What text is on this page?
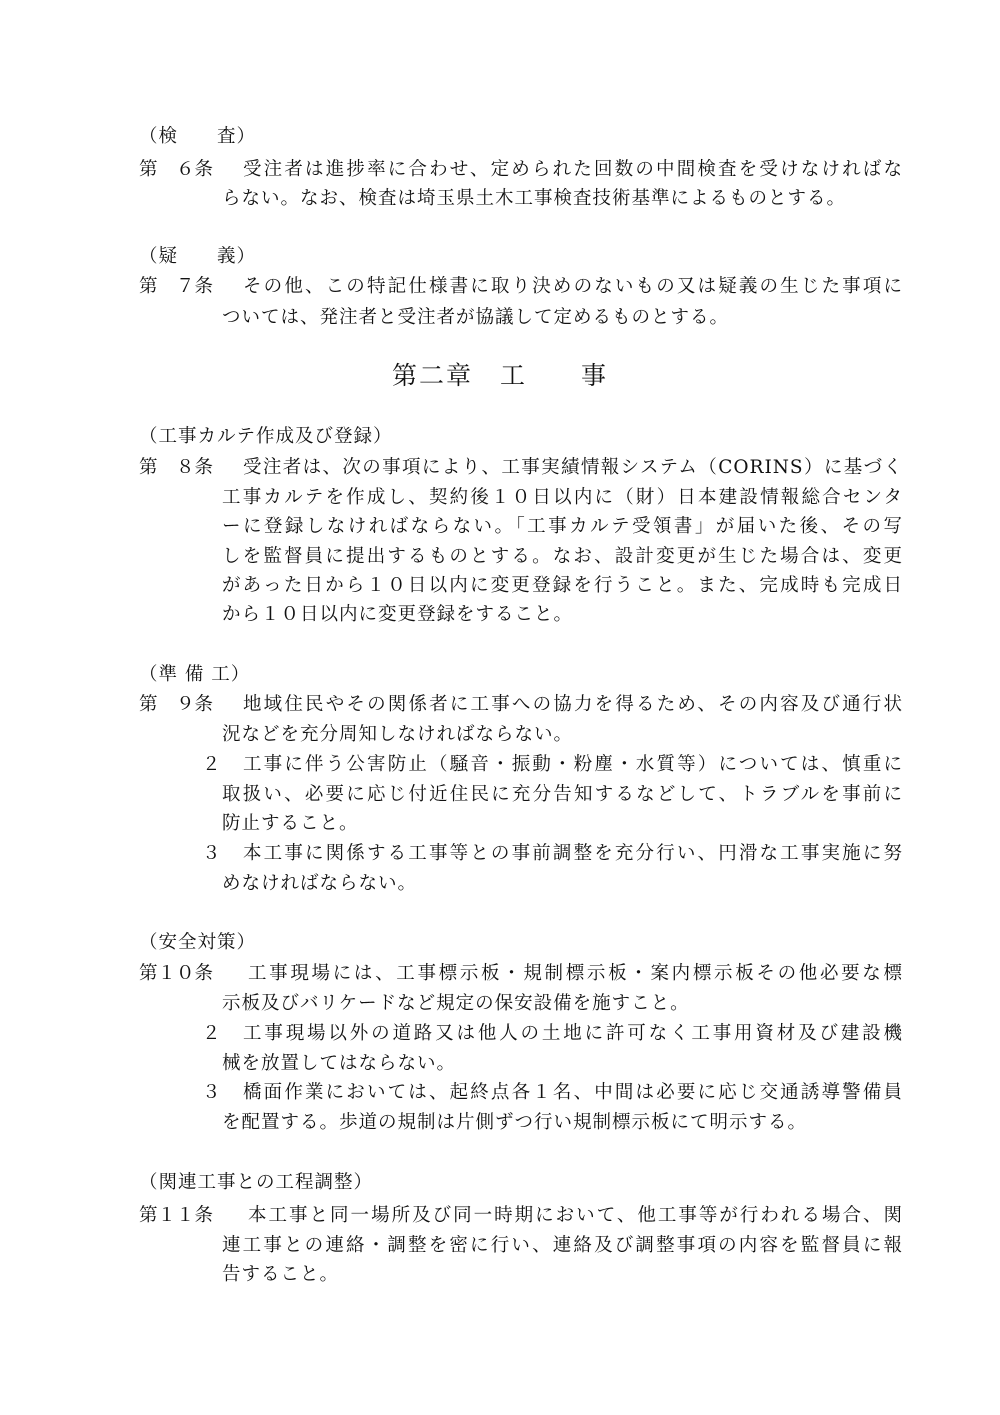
（検　　査）
第　６条 受注者は進捗率に合わせ、定められた回数の中間検査を受けなければな
らない。なお、検査は埼玉県土木工事検査技術基準によるものとする。
（疑　　義）
第　７条 その他、この特記仕様書に取り決めのないもの又は疑義の生じた事項に
ついては、発注者と受注者が協議して定めるものとする。
第二章　工　　事
（工事カルテ作成及び登録）
第　８条 受注者は、次の事項により、工事実績情報システム（CORINS）に基づく
工事カルテを作成し、契約後１０日以内に（財）日本建設情報総合センタ
ーに登録しなければならない。「工事カルテ受領書」が届いた後、その写
しを監督員に提出するものとする。なお、設計変更が生じた場合は、変更
があった日から１０日以内に変更登録を行うこと。また、完成時も完成日
から１０日以内に変更登録をすること。
（準 備 工）
第　９条 地域住民やその関係者に工事への協力を得るため、その内容及び通行状
況などを充分周知しなければならない。
２ 工事に伴う公害防止（騒音・振動・粉塵・水質等）については、慎重に
取扱い、必要に応じ付近住民に充分告知するなどして、トラブルを事前に
防止すること。
３ 本工事に関係する工事等との事前調整を充分行い、円滑な工事実施に努
めなければならない。
（安全対策）
第１０条 工事現場には、工事標示板・規制標示板・案内標示板その他必要な標
示板及びバリケードなど規定の保安設備を施すこと。
２ 工事現場以外の道路又は他人の土地に許可なく工事用資材及び建設機
械を放置してはならない。
３ 橋面作業においては、起終点各１名、中間は必要に応じ交通誘導警備員
を配置する。歩道の規制は片側ずつ行い規制標示板にて明示する。
（関連工事との工程調整）
第１１条 本工事と同一場所及び同一時期において、他工事等が行われる場合、関
連工事との連絡・調整を密に行い、連絡及び調整事項の内容を監督員に報
告すること。
